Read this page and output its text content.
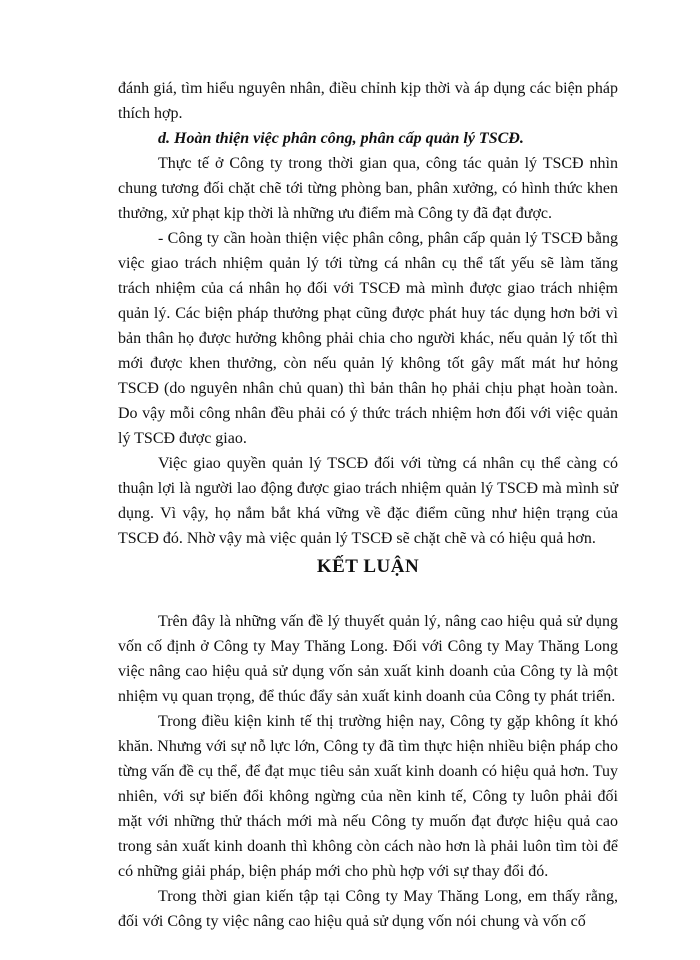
đánh giá, tìm hiểu nguyên nhân, điều chỉnh kịp thời và áp dụng các biện pháp thích hợp.

d. Hoàn thiện việc phân công, phân cấp quản lý TSCĐ.

Thực tế ở Công ty trong thời gian qua, công tác quản lý TSCĐ nhìn chung tương đối chặt chẽ tới từng phòng ban, phân xưởng, có hình thức khen thưởng, xử phạt kịp thời là những ưu điểm mà Công ty đã đạt được.

- Công ty cần hoàn thiện việc phân công, phân cấp quản lý TSCĐ bằng việc giao trách nhiệm quản lý tới từng cá nhân cụ thể tất yếu sẽ làm tăng trách nhiệm của cá nhân họ đối với TSCĐ mà mình được giao trách nhiệm quản lý. Các biện pháp thưởng phạt cũng được phát huy tác dụng hơn bởi vì bản thân họ được hưởng không phải chia cho người khác, nếu quản lý tốt thì mới được khen thưởng, còn nếu quản lý không tốt gây mất mát hư hỏng TSCĐ (do nguyên nhân chủ quan) thì bản thân họ phải chịu phạt hoàn toàn. Do vậy mỗi công nhân đều phải có ý thức trách nhiệm hơn đối với việc quản lý TSCĐ được giao.

Việc giao quyền quản lý TSCĐ đối với từng cá nhân cụ thể càng có thuận lợi là người lao động được giao trách nhiệm quản lý TSCĐ mà mình sử dụng. Vì vậy, họ nắm bắt khá vững về đặc điểm cũng như hiện trạng của TSCĐ đó. Nhờ vậy mà việc quản lý TSCĐ sẽ chặt chẽ và có hiệu quả hơn.

KẾT LUẬN

Trên đây là những vấn đề lý thuyết quản lý, nâng cao hiệu quả sử dụng vốn cố định ở Công ty May Thăng Long. Đối với Công ty May Thăng Long việc nâng cao hiệu quả sử dụng vốn sản xuất kinh doanh của Công ty là một nhiệm vụ quan trọng, để thúc đẩy sản xuất kinh doanh của Công ty phát triển.

Trong điều kiện kinh tế thị trường hiện nay, Công ty gặp không ít khó khăn. Nhưng với sự nỗ lực lớn, Công ty đã tìm thực hiện nhiều biện pháp cho từng vấn đề cụ thể, để đạt mục tiêu sản xuất kinh doanh có hiệu quả hơn. Tuy nhiên, với sự biến đổi không ngừng của nền kinh tế, Công ty luôn phải đối mặt với những thử thách mới mà nếu Công ty muốn đạt được hiệu quả cao trong sản xuất kinh doanh thì không còn cách nào hơn là phải luôn tìm tòi để có những giải pháp, biện pháp mới cho phù hợp với sự thay đổi đó.

Trong thời gian kiến tập tại Công ty May Thăng Long, em thấy rằng, đối với Công ty việc nâng cao hiệu quả sử dụng vốn nói chung và vốn cố
